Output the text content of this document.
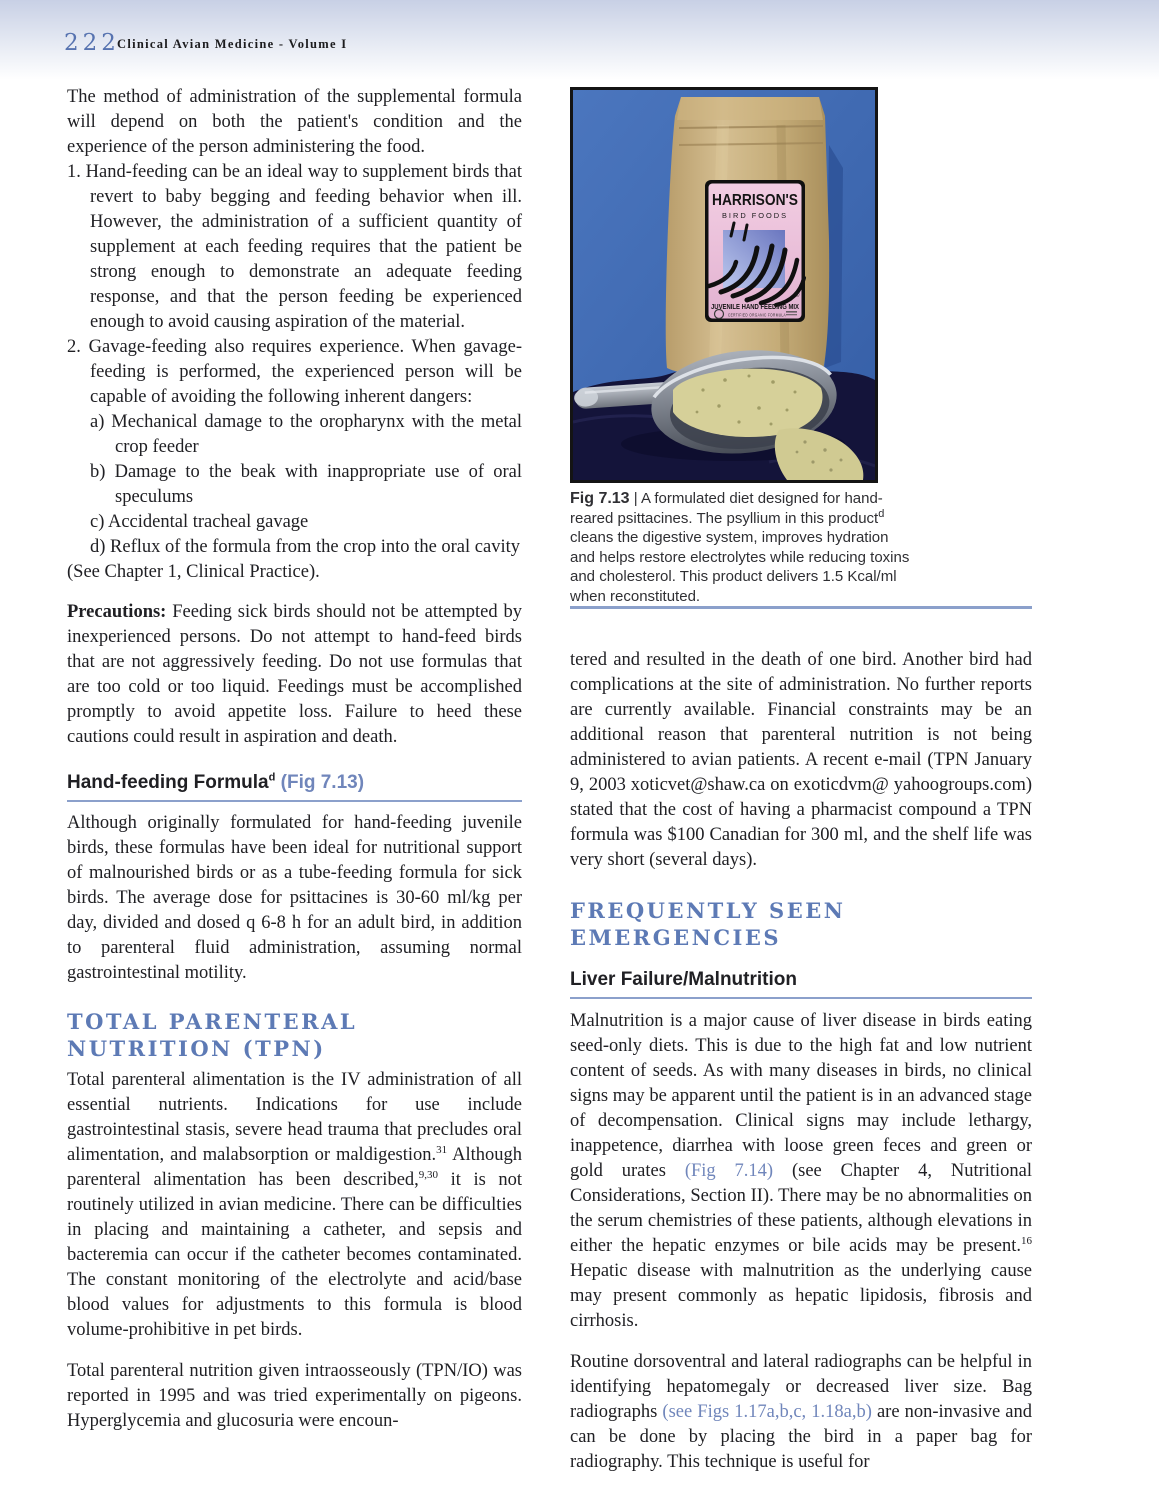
222
Clinical Avian Medicine - Volume I

The method of administration of the supplemental formula will depend on both the patient's condition and the experience of the person administering the food.

1. Hand-feeding can be an ideal way to supplement birds that revert to baby begging and feeding behavior when ill. However, the administration of a sufficient quantity of supplement at each feeding requires that the patient be strong enough to demonstrate an adequate feeding response, and that the person feeding be experienced enough to avoid causing aspiration of the material.

2. Gavage-feeding also requires experience. When gavage-feeding is performed, the experienced person will be capable of avoiding the following inherent dangers:

a) Mechanical damage to the oropharynx with the metal crop feeder

b) Damage to the beak with inappropriate use of oral speculums

c) Accidental tracheal gavage

d) Reflux of the formula from the crop into the oral cavity

(See Chapter 1, Clinical Practice).

Precautions: Feeding sick birds should not be attempted by inexperienced persons. Do not attempt to hand-feed birds that are not aggressively feeding. Do not use formulas that are too cold or too liquid. Feedings must be accomplished promptly to avoid appetite loss. Failure to heed these cautions could result in aspiration and death.

Hand-feeding Formula$^d$ (Fig 7.13)

Although originally formulated for hand-feeding juvenile birds, these formulas have been ideal for nutritional support of malnourished birds or as a tube-feeding formula for sick birds. The average dose for psittacines is 30-60 ml/kg per day, divided and dosed q 6-8 h for an adult bird, in addition to parenteral fluid administration, assuming normal gastrointestinal motility.

TOTAL PARENTERAL NUTRITION (TPN)

Total parenteral alimentation is the IV administration of all essential nutrients. Indications for use include gastrointestinal stasis, severe head trauma that precludes oral alimentation, and malabsorption or maldigestion.$^{31}$ Although parenteral alimentation has been described,$^{9,30}$ it is not routinely utilized in avian medicine. There can be difficulties in placing and maintaining a catheter, and sepsis and bacteremia can occur if the catheter becomes contaminated. The constant monitoring of the electrolyte and acid/base blood values for adjustments to this formula is blood volume-prohibitive in pet birds.

Total parenteral nutrition given intraosseously (TPN/IO) was reported in 1995 and was tried experimentally on pigeons. Hyperglycemia and glucosuria were encoun-

HARRISON'S
BIRD FOODS
®
JUVENILE HAND FEEDING MIX
CERTIFIED ORGANIC FORMULA
Fig 7.13 | A formulated diet designed for hand-reared psittacines. The psyllium in this product$^d$ cleans the digestive system, improves hydration and helps restore electrolytes while reducing toxins and cholesterol. This product delivers 1.5 Kcal/ml when reconstituted.

tered and resulted in the death of one bird. Another bird had complications at the site of administration. No further reports are currently available. Financial constraints may be an additional reason that parenteral nutrition is not being administered to avian patients. A recent e-mail (TPN January 9, 2003 xoticvet@shaw.ca on exoticdvm@ yahoogroups.com) stated that the cost of having a pharmacist compound a TPN formula was $100 Canadian for 300 ml, and the shelf life was very short (several days).

FREQUENTLY SEEN EMERGENCIES

Liver Failure/Malnutrition

Malnutrition is a major cause of liver disease in birds eating seed-only diets. This is due to the high fat and low nutrient content of seeds. As with many diseases in birds, no clinical signs may be apparent until the patient is in an advanced stage of decompensation. Clinical signs may include lethargy, inappetence, diarrhea with loose green feces and green or gold urates (Fig 7.14) (see Chapter 4, Nutritional Considerations, Section II). There may be no abnormalities on the serum chemistries of these patients, although elevations in either the hepatic enzymes or bile acids may be present.$^{16}$ Hepatic disease with malnutrition as the underlying cause may present commonly as hepatic lipidosis, fibrosis and cirrhosis.

Routine dorsoventral and lateral radiographs can be helpful in identifying hepatomegaly or decreased liver size. Bag radiographs (see Figs 1.17a,b,c, 1.18a,b) are non-invasive and can be done by placing the bird in a paper bag for radiography. This technique is useful for
